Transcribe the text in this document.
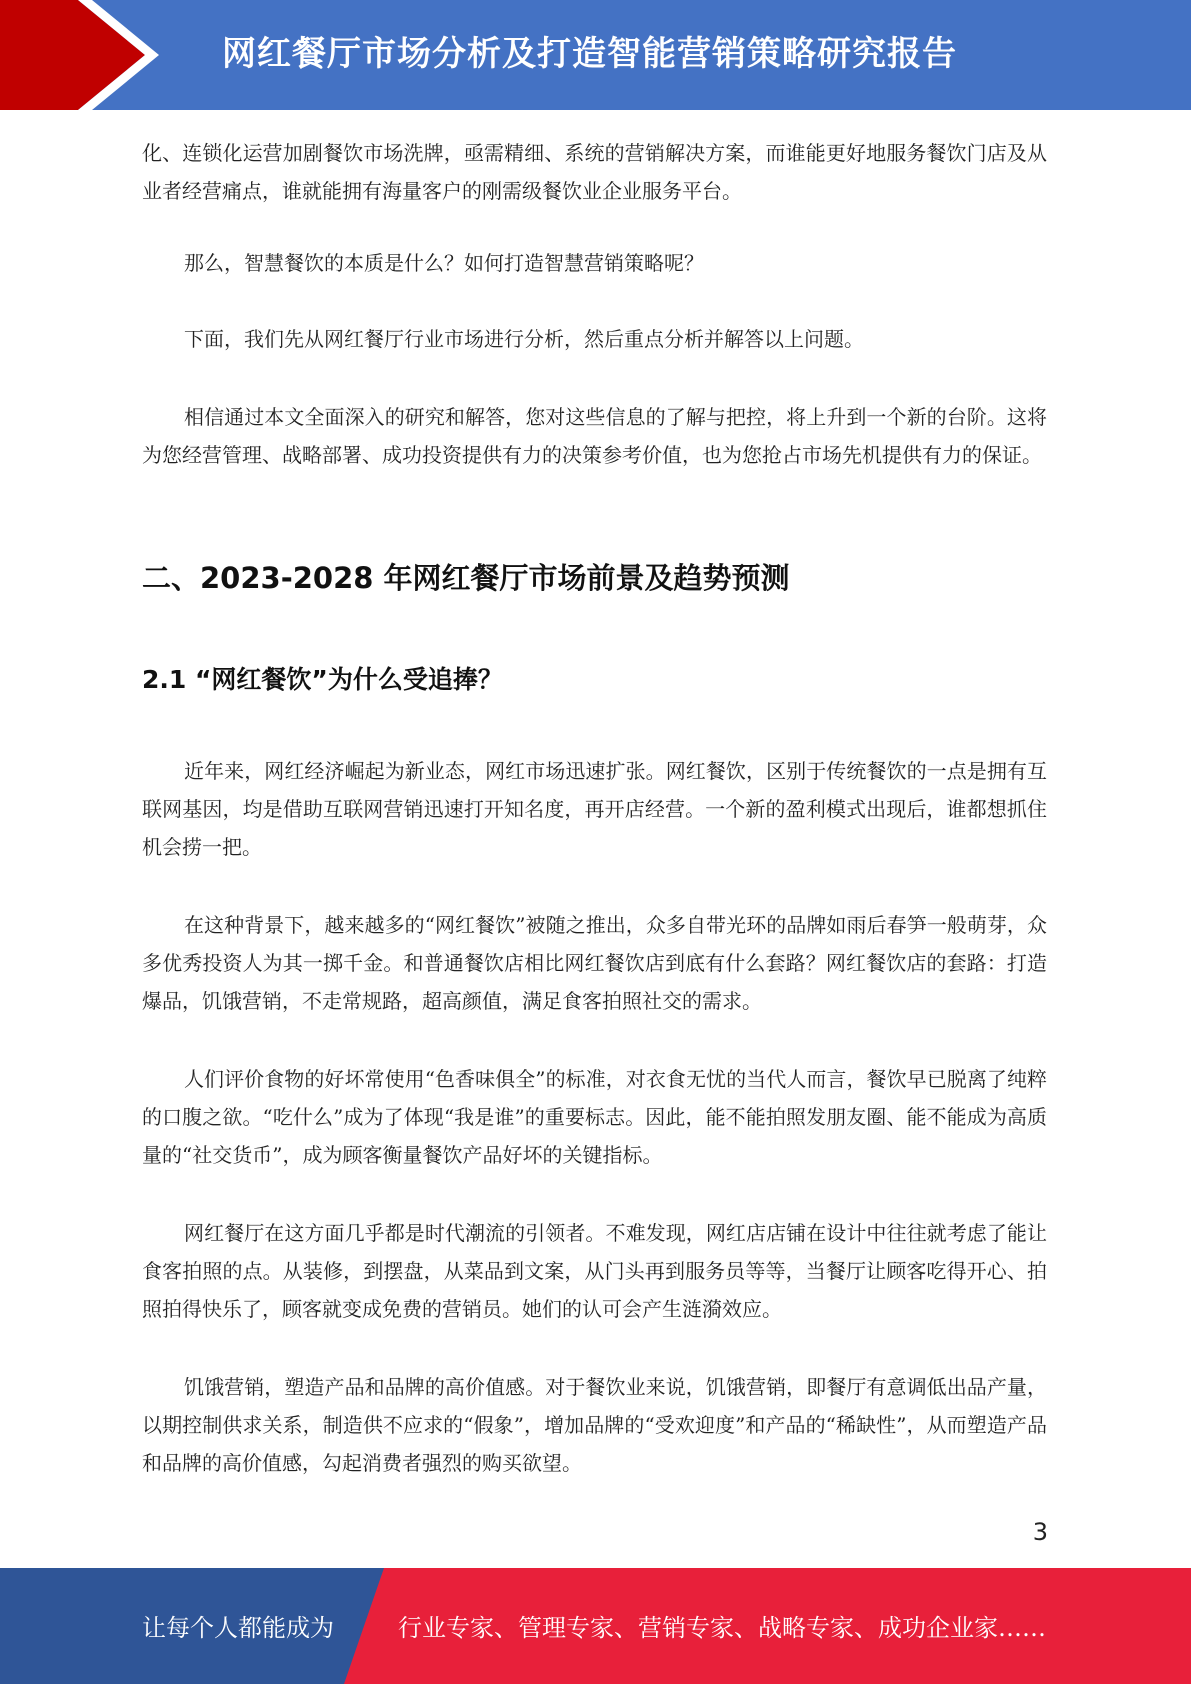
网红餐厅市场分析及打造智能营销策略研究报告

化、连锁化运营加剧餐饮市场洗牌，亟需精细、系统的营销解决方案，而谁能更好地服务餐饮门店及从业者经营痛点，谁就能拥有海量客户的刚需级餐饮业企业服务平台。

那么，智慧餐饮的本质是什么？如何打造智慧营销策略呢？

下面，我们先从网红餐厅行业市场进行分析，然后重点分析并解答以上问题。

相信通过本文全面深入的研究和解答，您对这些信息的了解与把控，将上升到一个新的台阶。这将为您经营管理、战略部署、成功投资提供有力的决策参考价值，也为您抢占市场先机提供有力的保证。

二、2023-2028 年网红餐厅市场前景及趋势预测
2.1 “网红餐饮”为什么受追捧？

近年来，网红经济崛起为新业态，网红市场迅速扩张。网红餐饮，区别于传统餐饮的一点是拥有互联网基因，均是借助互联网营销迅速打开知名度，再开店经营。一个新的盈利模式出现后，谁都想抓住机会捞一把。

在这种背景下，越来越多的“网红餐饮”被随之推出，众多自带光环的品牌如雨后春笋一般萌芽，众多优秀投资人为其一掷千金。和普通餐饮店相比网红餐饮店到底有什么套路？网红餐饮店的套路：打造爆品，饥饿营销，不走常规路，超高颜值，满足食客拍照社交的需求。

人们评价食物的好坏常使用“色香味俱全”的标准，对衣食无忧的当代人而言，餐饮早已脱离了纯粹的口腹之欲。“吃什么”成为了体现“我是谁”的重要标志。因此，能不能拍照发朋友圈、能不能成为高质量的“社交货币”，成为顾客衡量餐饮产品好坏的关键指标。

网红餐厅在这方面几乎都是时代潮流的引领者。不难发现，网红店店铺在设计中往往就考虑了能让食客拍照的点。从装修，到摆盘，从菜品到文案，从门头再到服务员等等，当餐厅让顾客吃得开心、拍照拍得快乐了，顾客就变成免费的营销员。她们的认可会产生涟漪效应。

饥饿营销，塑造产品和品牌的高价值感。对于餐饮业来说，饥饿营销，即餐厅有意调低出品产量，以期控制供求关系，制造供不应求的“假象”，增加品牌的“受欢迎度”和产品的“稀缺性”，从而塑造产品和品牌的高价值感，勾起消费者强烈的购买欲望。

3
让每个人都能成为	行业专家、管理专家、营销专家、战略专家、成功企业家……
